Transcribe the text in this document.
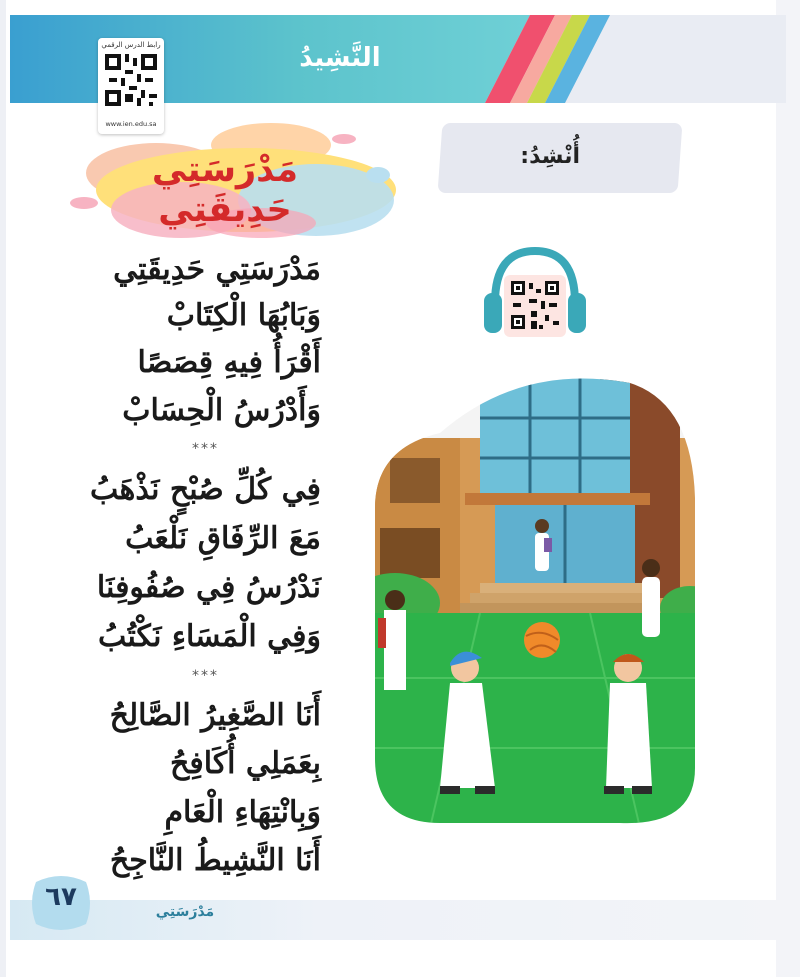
النَّشِيدُ
رابط الدرس الرقمي
www.ien.edu.sa
مَدْرَسَتِي حَدِيقَتِي
أُنْشِدُ:
مَدْرَسَتِي حَدِيقَتِي
وَبَابُهَا الْكِتَابْ
أَقْرَأُ فِيهِ قِصَصًا
وَأَدْرُسُ الْحِسَابْ
***
فِي كُلِّ صُبْحٍ نَذْهَبُ
مَعَ الرِّفَاقِ نَلْعَبُ
نَدْرُسُ فِي صُفُوفِنَا
وَفِي الْمَسَاءِ نَكْتُبُ
***
أَنَا الصَّغِيرُ الصَّالِحُ
بِعَمَلِي أُكَافِحُ
وَبِانْتِهَاءِ الْعَامِ
أَنَا النَّشِيطُ النَّاجِحُ
٦٧	مَدْرَسَتِي
